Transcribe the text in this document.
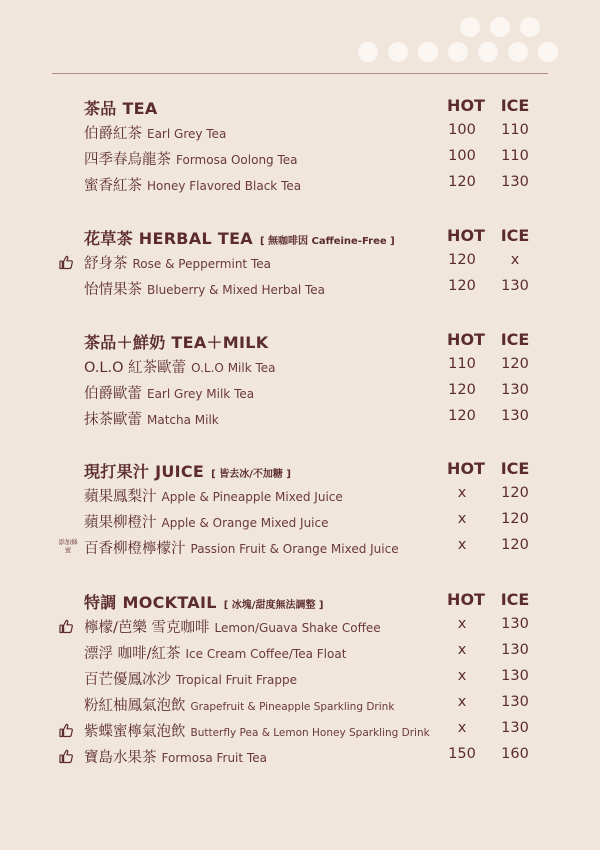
茶品 TEA	HOT ICE
伯爵紅茶 Earl Grey Tea	100	110
四季春烏龍茶 Formosa Oolong Tea	100	110
蜜香紅茶 Honey Flavored Black Tea	120	130
花草茶 HERBAL TEA [ 無咖啡因 Caffeine-Free ]	HOT ICE
舒身茶 Rose & Peppermint Tea	120	x
怡情果茶 Blueberry & Mixed Herbal Tea	120	130
茶品＋鮮奶 TEA＋MILK	HOT ICE
O.L.O 紅茶歐蕾 O.L.O Milk Tea	110	120
伯爵歐蕾 Earl Grey Milk Tea	120	130
抹茶歐蕾 Matcha Milk	120	130
現打果汁 JUICE [ 皆去冰/不加糖 ]	HOT ICE
蘋果鳳梨汁 Apple & Pineapple Mixed Juice	x	120
蘋果柳橙汁 Apple & Orange Mixed Juice	x	120
添加蜂蜜 百香柳橙檸檬汁 Passion Fruit & Orange Mixed Juice	x	120
特調 MOCKTAIL [ 冰塊/甜度無法調整 ]	HOT ICE
檸檬/芭樂 雪克咖啡 Lemon/Guava Shake Coffee	x	130
漂浮 咖啡/紅茶 Ice Cream Coffee/Tea Float	x	130
百芒優鳳冰沙 Tropical Fruit Frappe	x	130
粉紅柚鳳氣泡飲 Grapefruit & Pineapple Sparkling Drink	x	130
紫蝶蜜檸氣泡飲 Butterfly Pea & Lemon Honey Sparkling Drink	x	130
寶島水果茶 Formosa Fruit Tea	150	160
